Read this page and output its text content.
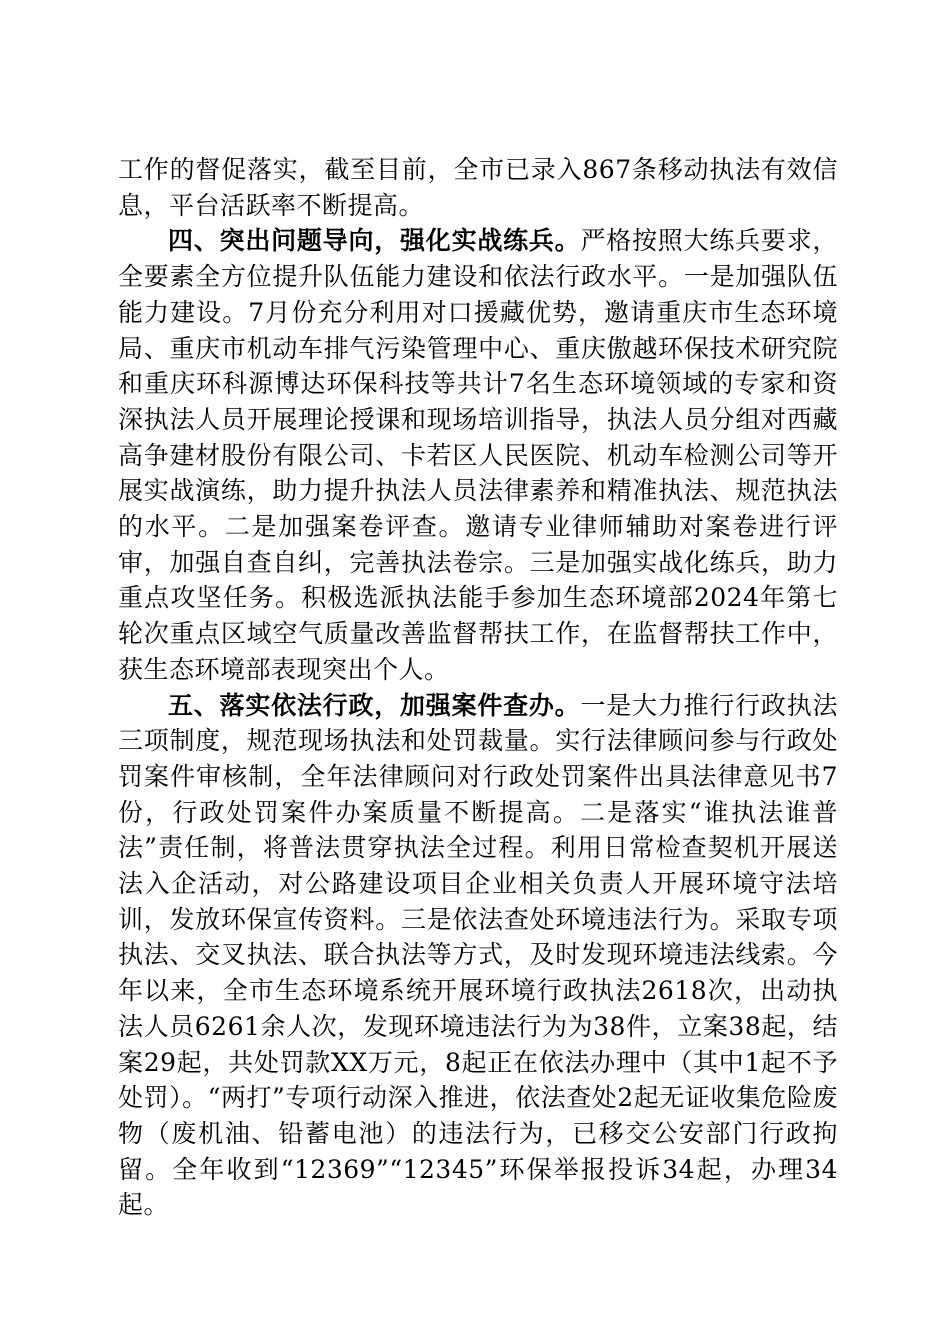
工作的督促落实，截至目前，全市已录入867条移动执法有效信息，平台活跃率不断提高。

四、突出问题导向，强化实战练兵。严格按照大练兵要求，全要素全方位提升队伍能力建设和依法行政水平。一是加强队伍能力建设。7月份充分利用对口援藏优势，邀请重庆市生态环境局、重庆市机动车排气污染管理中心、重庆傲越环保技术研究院和重庆环科源博达环保科技等共计7名生态环境领域的专家和资深执法人员开展理论授课和现场培训指导，执法人员分组对西藏高争建材股份有限公司、卡若区人民医院、机动车检测公司等开展实战演练，助力提升执法人员法律素养和精准执法、规范执法的水平。二是加强案卷评查。邀请专业律师辅助对案卷进行评审，加强自查自纠，完善执法卷宗。三是加强实战化练兵，助力重点攻坚任务。积极选派执法能手参加生态环境部2024年第七轮次重点区域空气质量改善监督帮扶工作，在监督帮扶工作中，获生态环境部表现突出个人。

五、落实依法行政，加强案件查办。一是大力推行行政执法三项制度，规范现场执法和处罚裁量。实行法律顾问参与行政处罚案件审核制，全年法律顾问对行政处罚案件出具法律意见书7份，行政处罚案件办案质量不断提高。二是落实“谁执法谁普法”责任制，将普法贯穿执法全过程。利用日常检查契机开展送法入企活动，对公路建设项目企业相关负责人开展环境守法培训，发放环保宣传资料。三是依法查处环境违法行为。采取专项执法、交叉执法、联合执法等方式，及时发现环境违法线索。今年以来，全市生态环境系统开展环境行政执法2618次，出动执法人员6261余人次，发现环境违法行为为38件，立案38起，结案29起，共处罚款XX万元，8起正在依法办理中（其中1起不予处罚）。“两打”专项行动深入推进，依法查处2起无证收集危险废物（废机油、铅蓄电池）的违法行为，已移交公安部门行政拘留。全年收到“12369”“12345”环保举报投诉34起，办理34起。
